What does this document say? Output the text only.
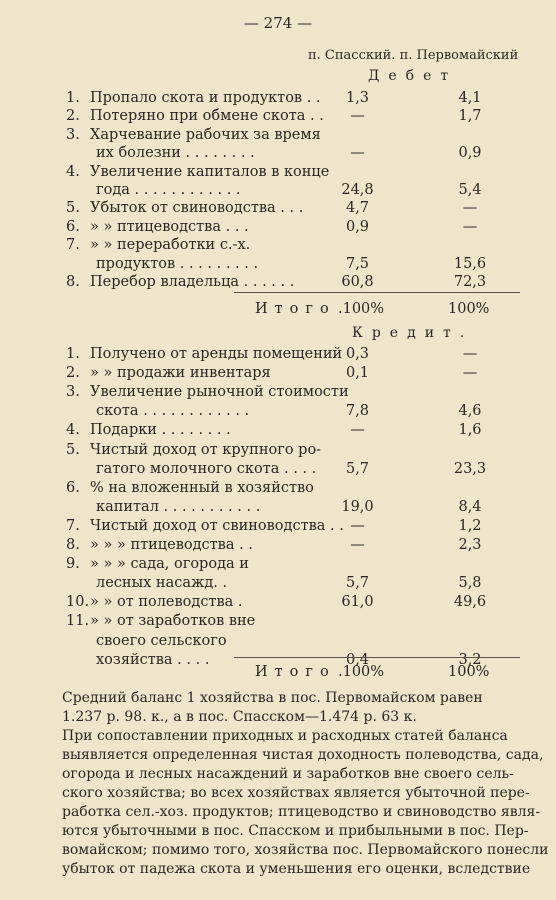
— 274 —
п. Спасский. п. Первомайский
Дебет
1. Пропало скота и продуктов . .	1,3	4,1
2. Потеряно при обмене скота . .	—	1,7
3. Харчевание рабочих за время
их болезни . . . . . . . .	—	0,9
4. Увеличение капиталов в конце
года . . . . . . . . . . . .	24,8	5,4
5. Убыток от свиноводства . . .	4,7	—
6. » » птицеводства . . .	0,9	—
7. » » переработки с.-х.
продуктов . . . . . . . . .	7,5	15,6
8. Перебор владельца . . . . . .	60,8	72,3
Итого .100%	100%
Кредит.
1. Получено от аренды помещений 0,3	—
2. » » продажи инвентаря	0,1	—
3. Увеличение рыночной стоимости
скота . . . . . . . . . . . .	7,8	4,6
4. Подарки . . . . . . . .	—	1,6
5. Чистый доход от крупного ро-
гатого молочного скота . . . .	5,7	23,3
6. % на вложенный в хозяйство
капитал . . . . . . . . . . .	19,0	8,4
7. Чистый доход от свиноводства . . —	1,2
8. » » » птицеводства . .	—	2,3
9. » » » сада, огорода и
лесных насажд. .	5,7	5,8
10. » » от полеводства .	61,0	49,6
11. » » от заработков вне
своего сельского
хозяйства . . . .	0,4	3,2
Итого .100%	100%
Средний баланс 1 хозяйства в пос. Первомайском равен
1.237 р. 98. к., а в пос. Спасском—1.474 р. 63 к.
При сопоставлении приходных и расходных статей баланса
выявляется определенная чистая доходность полеводства, сада,
огорода и лесных насаждений и заработков вне своего сель-
ского хозяйства; во всех хозяйствах является убыточной пере-
работка сел.-хоз. продуктов; птицеводство и свиноводство явля-
ются убыточными в пос. Спасском и прибыльными в пос. Пер-
вомайском; помимо того, хозяйства пос. Первомайского понесли
убыток от падежа скота и уменьшения его оценки, вследствие
